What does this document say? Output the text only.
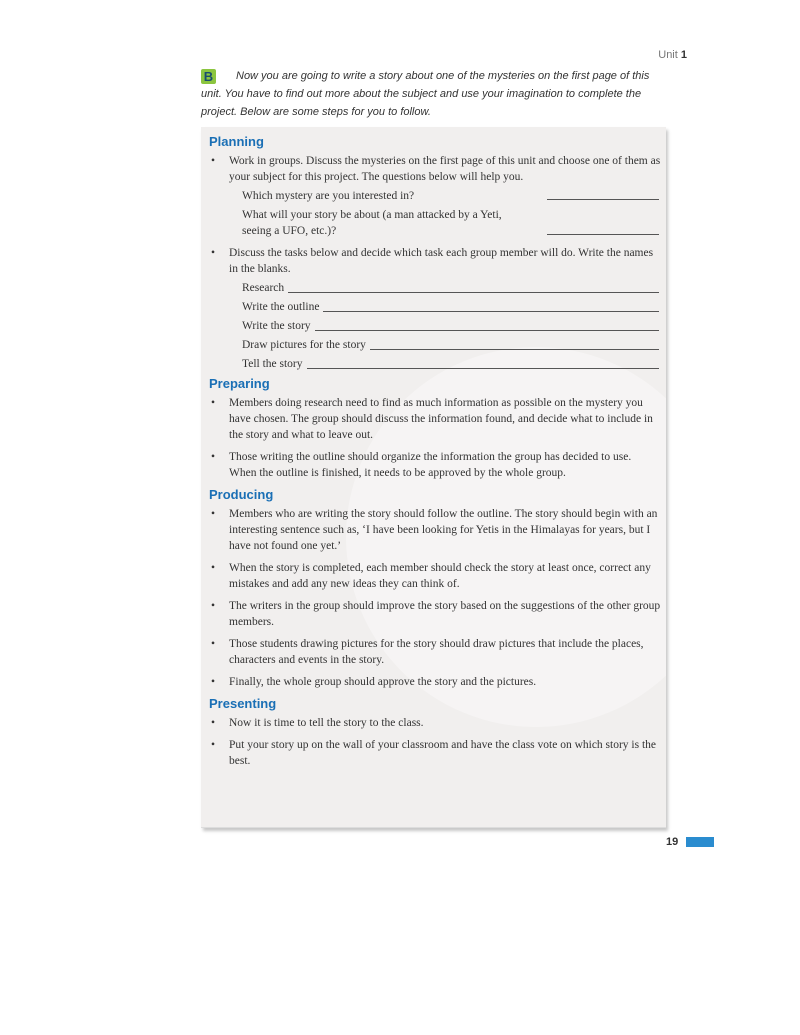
Unit 1
B Now you are going to write a story about one of the mysteries on the first page of this unit. You have to find out more about the subject and use your imagination to complete the project. Below are some steps for you to follow.
Planning
• Work in groups. Discuss the mysteries on the first page of this unit and choose one of them as your subject for this project. The questions below will help you.
Which mystery are you interested in?
What will your story be about (a man attacked by a Yeti, seeing a UFO, etc.)?
• Discuss the tasks below and decide which task each group member will do. Write the names in the blanks.
Research
Write the outline
Write the story
Draw pictures for the story
Tell the story
Preparing
• Members doing research need to find as much information as possible on the mystery you have chosen. The group should discuss the information found, and decide what to include in the story and what to leave out.
• Those writing the outline should organize the information the group has decided to use. When the outline is finished, it needs to be approved by the whole group.
Producing
• Members who are writing the story should follow the outline. The story should begin with an interesting sentence such as, ‘I have been looking for Yetis in the Himalayas for years, but I have not found one yet.’
• When the story is completed, each member should check the story at least once, correct any mistakes and add any new ideas they can think of.
• The writers in the group should improve the story based on the suggestions of the other group members.
• Those students drawing pictures for the story should draw pictures that include the places, characters and events in the story.
• Finally, the whole group should approve the story and the pictures.
Presenting
• Now it is time to tell the story to the class.
• Put your story up on the wall of your classroom and have the class vote on which story is the best.
19
